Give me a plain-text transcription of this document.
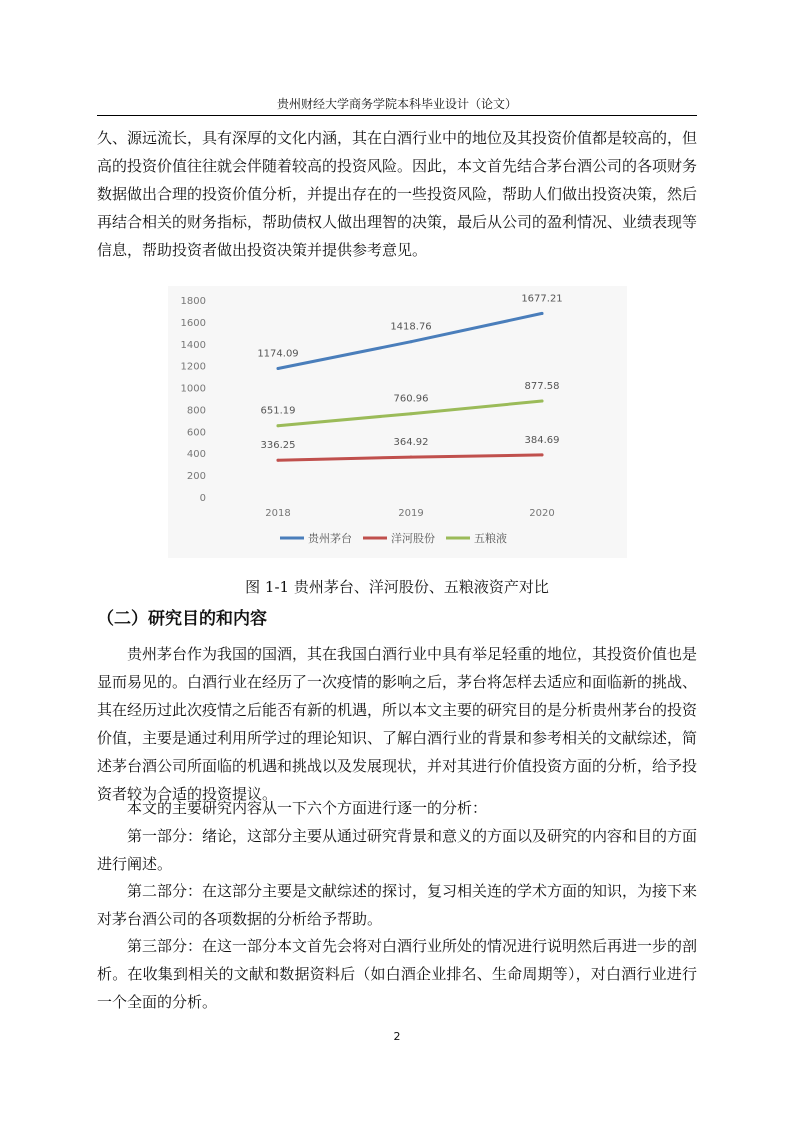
贵州财经大学商务学院本科毕业设计（论文）

久、源远流长，具有深厚的文化内涵，其在白酒行业中的地位及其投资价值都是较高的，但高的投资价值往往就会伴随着较高的投资风险。因此，本文首先结合茅台酒公司的各项财务数据做出合理的投资价值分析，并提出存在的一些投资风险，帮助人们做出投资决策，然后再结合相关的财务指标，帮助债权人做出理智的决策，最后从公司的盈利情况、业绩表现等信息，帮助投资者做出投资决策并提供参考意见。

0
200
400
600
800
1000
1200
1400
1600
1800
2018	2019	2020
1174.09
1418.76
1677.21
336.25	364.92	384.69
651.19
760.96
877.58
贵州茅台	洋河股份	五粮液
图 1-1 贵州茅台、洋河股份、五粮液资产对比
（二）研究目的和内容

贵州茅台作为我国的国酒，其在我国白酒行业中具有举足轻重的地位，其投资价值也是显而易见的。白酒行业在经历了一次疫情的影响之后，茅台将怎样去适应和面临新的挑战、其在经历过此次疫情之后能否有新的机遇，所以本文主要的研究目的是分析贵州茅台的投资价值，主要是通过利用所学过的理论知识、了解白酒行业的背景和参考相关的文献综述，简述茅台酒公司所面临的机遇和挑战以及发展现状，并对其进行价值投资方面的分析，给予投资者较为合适的投资提议。

本文的主要研究内容从一下六个方面进行逐一的分析：

第一部分：绪论，这部分主要从通过研究背景和意义的方面以及研究的内容和目的方面进行阐述。

第二部分：在这部分主要是文献综述的探讨，复习相关连的学术方面的知识，为接下来对茅台酒公司的各项数据的分析给予帮助。

第三部分：在这一部分本文首先会将对白酒行业所处的情况进行说明然后再进一步的剖析。在收集到相关的文献和数据资料后（如白酒企业排名、生命周期等），对白酒行业进行一个全面的分析。

2
